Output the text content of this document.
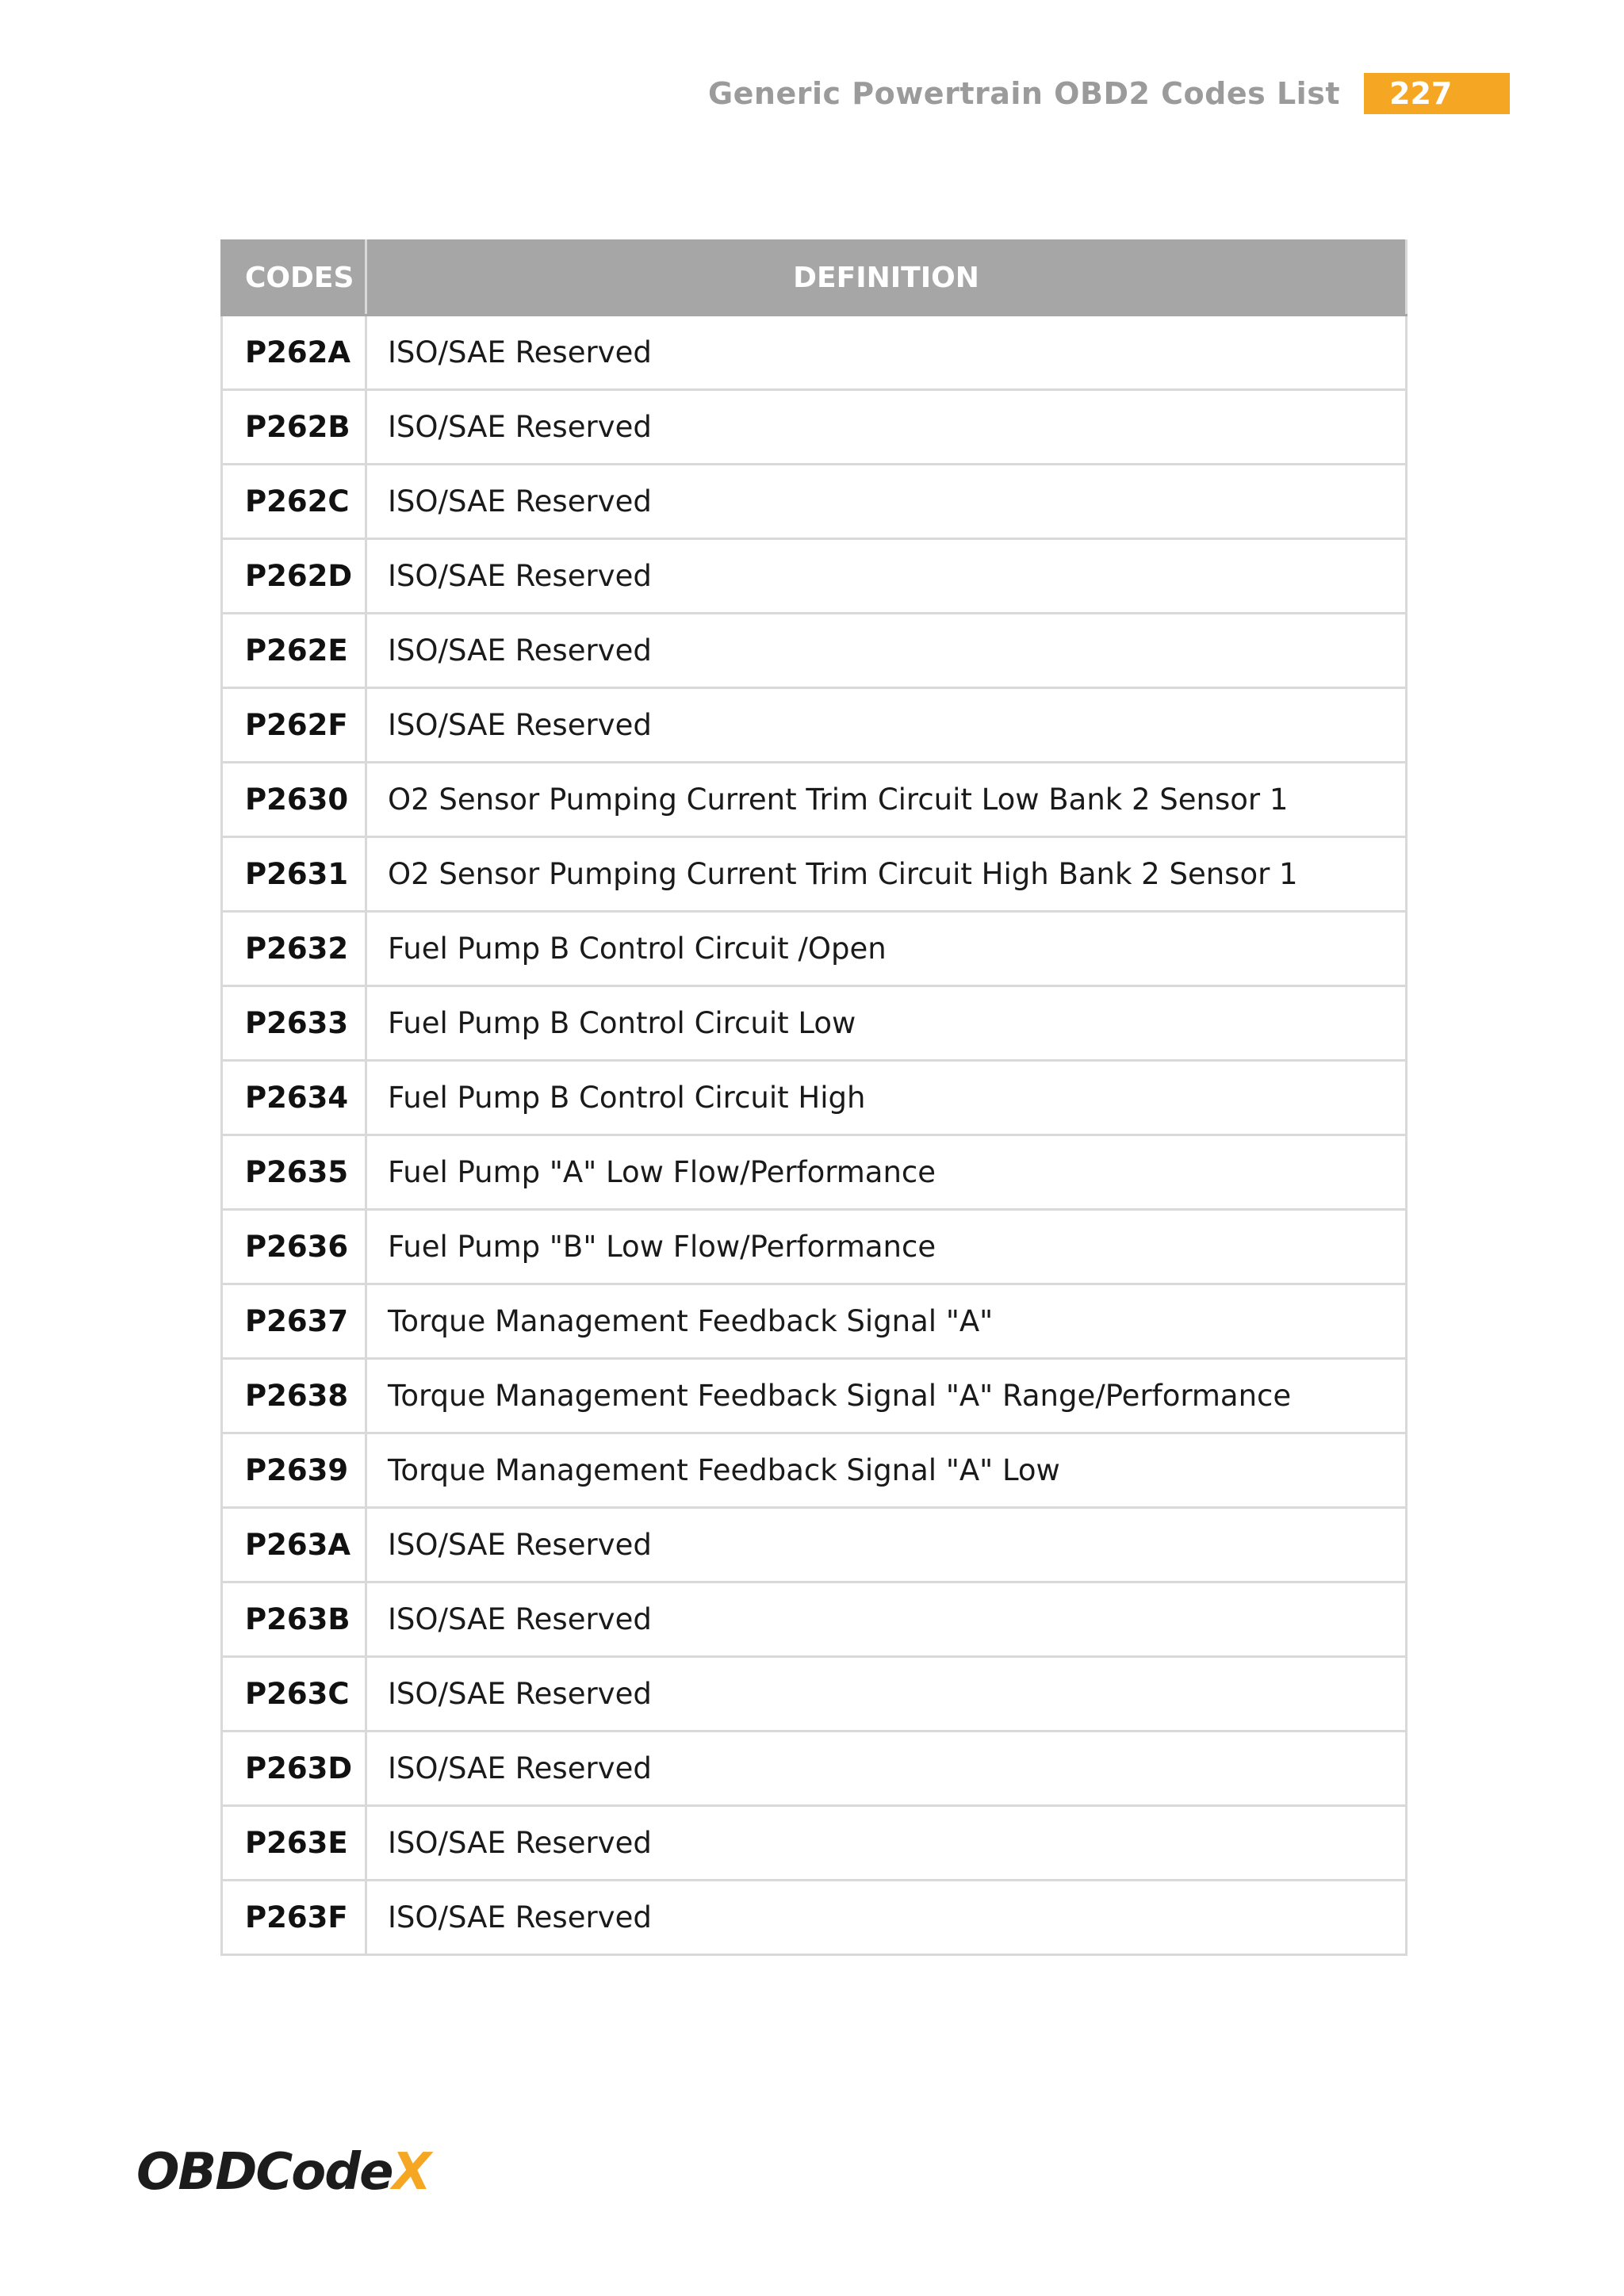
Generic Powertrain OBD2 Codes List	227
CODES	DEFINITION
P262A	ISO/SAE Reserved
P262B	ISO/SAE Reserved
P262C	ISO/SAE Reserved
P262D	ISO/SAE Reserved
P262E	ISO/SAE Reserved
P262F	ISO/SAE Reserved
P2630	O2 Sensor Pumping Current Trim Circuit Low Bank 2 Sensor 1
P2631	O2 Sensor Pumping Current Trim Circuit High Bank 2 Sensor 1
P2632	Fuel Pump B Control Circuit /Open
P2633	Fuel Pump B Control Circuit Low
P2634	Fuel Pump B Control Circuit High
P2635	Fuel Pump "A" Low Flow/Performance
P2636	Fuel Pump "B" Low Flow/Performance
P2637	Torque Management Feedback Signal "A"
P2638	Torque Management Feedback Signal "A" Range/Performance
P2639	Torque Management Feedback Signal "A" Low
P263A	ISO/SAE Reserved
P263B	ISO/SAE Reserved
P263C	ISO/SAE Reserved
P263D	ISO/SAE Reserved
P263E	ISO/SAE Reserved
P263F	ISO/SAE Reserved
OBDCodeX
